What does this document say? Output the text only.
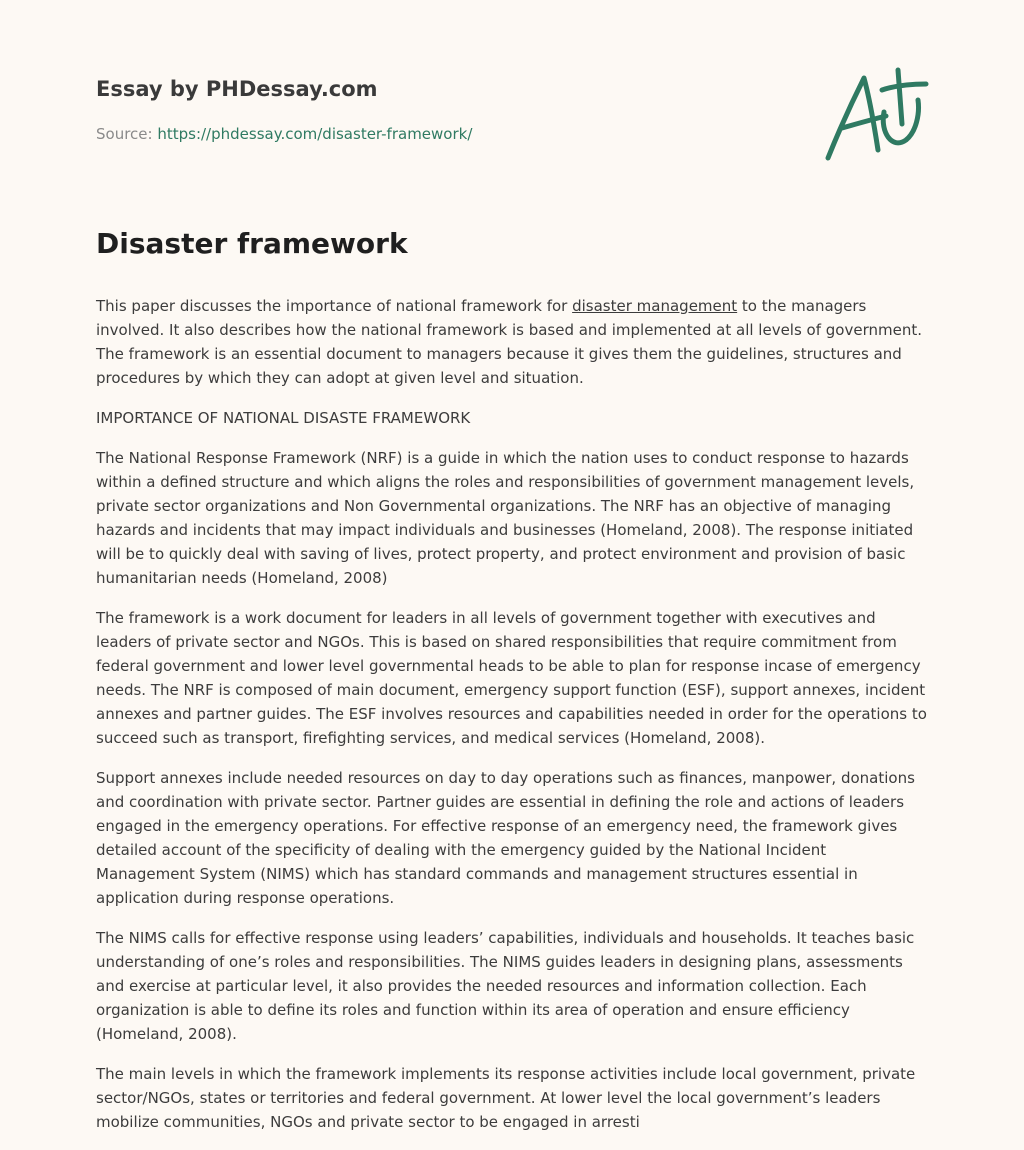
Essay by PHDessay.com
Source: https://phdessay.com/disaster-framework/
Disaster framework

This paper discusses the importance of national framework for disaster management to the managers involved. It also describes how the national framework is based and implemented at all levels of government. The framework is an essential document to managers because it gives them the guidelines, structures and procedures by which they can adopt at given level and situation.

IMPORTANCE OF NATIONAL DISASTE FRAMEWORK

The National Response Framework (NRF) is a guide in which the nation uses to conduct response to hazards within a defined structure and which aligns the roles and responsibilities of government management levels, private sector organizations and Non Governmental organizations. The NRF has an objective of managing hazards and incidents that may impact individuals and businesses (Homeland, 2008). The response initiated will be to quickly deal with saving of lives, protect property, and protect environment and provision of basic humanitarian needs (Homeland, 2008)

The framework is a work document for leaders in all levels of government together with executives and leaders of private sector and NGOs. This is based on shared responsibilities that require commitment from federal government and lower level governmental heads to be able to plan for response incase of emergency needs. The NRF is composed of main document, emergency support function (ESF), support annexes, incident annexes and partner guides. The ESF involves resources and capabilities needed in order for the operations to succeed such as transport, firefighting services, and medical services (Homeland, 2008).

Support annexes include needed resources on day to day operations such as finances, manpower, donations and coordination with private sector. Partner guides are essential in defining the role and actions of leaders engaged in the emergency operations. For effective response of an emergency need, the framework gives detailed account of the specificity of dealing with the emergency guided by the National Incident Management System (NIMS) which has standard commands and management structures essential in application during response operations.

The NIMS calls for effective response using leaders’ capabilities, individuals and households. It teaches basic understanding of one’s roles and responsibilities. The NIMS guides leaders in designing plans, assessments and exercise at particular level, it also provides the needed resources and information collection. Each organization is able to define its roles and function within its area of operation and ensure efficiency (Homeland, 2008).

The main levels in which the framework implements its response activities include local government, private sector/NGOs, states or territories and federal government. At lower level the local government’s leaders mobilize communities, NGOs and private sector to be engaged in arresti
